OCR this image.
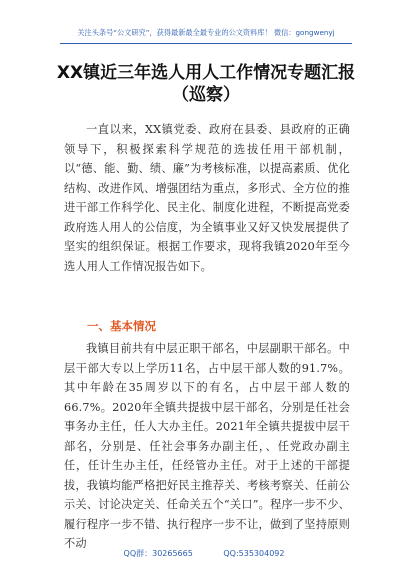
关注头条号“公文研究”，获得最新最全最专业的公文资料库！ 微信：gongwenyj
XX镇近三年选人用人工作情况专题汇报
（巡察）
一直以来，XX镇党委、政府在县委、县政府的正确领导下，积极探索科学规范的选拔任用干部机制，以“德、能、勤、绩、廉”为考核标准，以提高素质、优化结构、改进作风、增强团结为重点，多形式、全方位的推进干部工作科学化、民主化、制度化进程，不断提高党委政府选人用人的公信度，为全镇事业又好又快发展提供了坚实的组织保证。根据工作要求，现将我镇2020年至今选人用人工作情况报告如下。
一、基本情况
我镇目前共有中层正职干部名，中层副职干部名。中层干部大专以上学历11名，占中层干部人数的91.7%。其中年龄在35周岁以下的有名，占中层干部人数的66.7%。2020年全镇共提拔中层干部名，分别是任社会事务办主任，任人大办主任。2021年全镇共提拔中层干部名，分别是、任社会事务办副主任，、任党政办副主任，任计生办主任，任经管办主任。对于上述的干部提拔，我镇均能严格把好民主推荐关、考核考察关、任前公示关、讨论决定关、任命关五个“关口”。程序一步不少、履行程序一步不错、执行程序一步不让，做到了坚持原则不动
QQ群：30265665	QQ:535304092
